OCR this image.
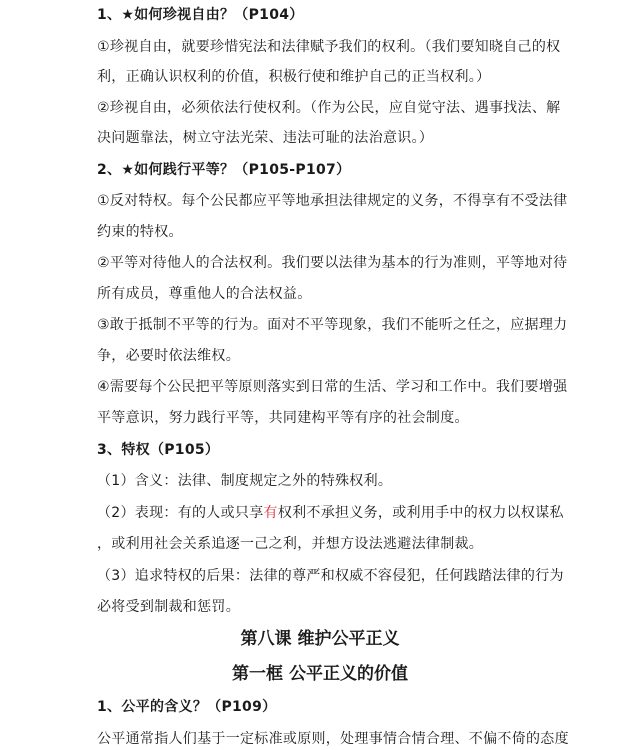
1、★如何珍视自由？（P104）
①珍视自由，就要珍惜宪法和法律赋予我们的权利。（我们要知晓自己的权
利，正确认识权利的价值，积极行使和维护自己的正当权利。）
②珍视自由，必须依法行使权利。（作为公民，应自觉守法、遇事找法、解
决问题靠法，树立守法光荣、违法可耻的法治意识。）
2、★如何践行平等？（P105-P107）
①反对特权。每个公民都应平等地承担法律规定的义务，不得享有不受法律
约束的特权。
②平等对待他人的合法权利。我们要以法律为基本的行为准则，平等地对待
所有成员，尊重他人的合法权益。
③敢于抵制不平等的行为。面对不平等现象，我们不能听之任之，应据理力
争，必要时依法维权。
④需要每个公民把平等原则落实到日常的生活、学习和工作中。我们要增强
平等意识，努力践行平等，共同建构平等有序的社会制度。
3、特权（P105）
（1）含义：法律、制度规定之外的特殊权利。
（2）表现：有的人或只享有权利不承担义务，或利用手中的权力以权谋私
，或利用社会关系追逐一己之利，并想方设法逃避法律制裁。
（3）追求特权的后果：法律的尊严和权威不容侵犯，任何践踏法律的行为
必将受到制裁和惩罚。
第八课 维护公平正义
第一框 公平正义的价值
1、公平的含义？（P109）
公平通常指人们基于一定标准或原则，处理事情合情合理、不偏不倚的态度
